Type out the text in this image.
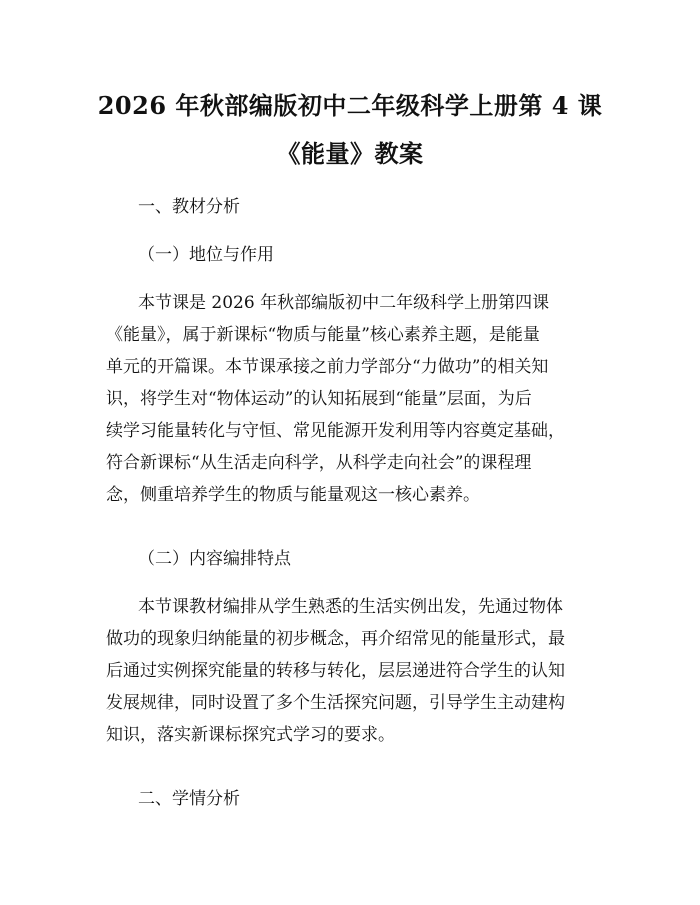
2026 年秋部编版初中二年级科学上册第 4 课
《能量》教案
一、教材分析
（一）地位与作用
本节课是 2026 年秋部编版初中二年级科学上册第四课
《能量》，属于新课标“物质与能量”核心素养主题，是能量
单元的开篇课。本节课承接之前力学部分“力做功”的相关知
识，将学生对“物体运动”的认知拓展到“能量”层面，为后
续学习能量转化与守恒、常见能源开发利用等内容奠定基础，
符合新课标“从生活走向科学，从科学走向社会”的课程理
念，侧重培养学生的物质与能量观这一核心素养。
（二）内容编排特点
本节课教材编排从学生熟悉的生活实例出发，先通过物体
做功的现象归纳能量的初步概念，再介绍常见的能量形式，最
后通过实例探究能量的转移与转化，层层递进符合学生的认知
发展规律，同时设置了多个生活探究问题，引导学生主动建构
知识，落实新课标探究式学习的要求。
二、学情分析
